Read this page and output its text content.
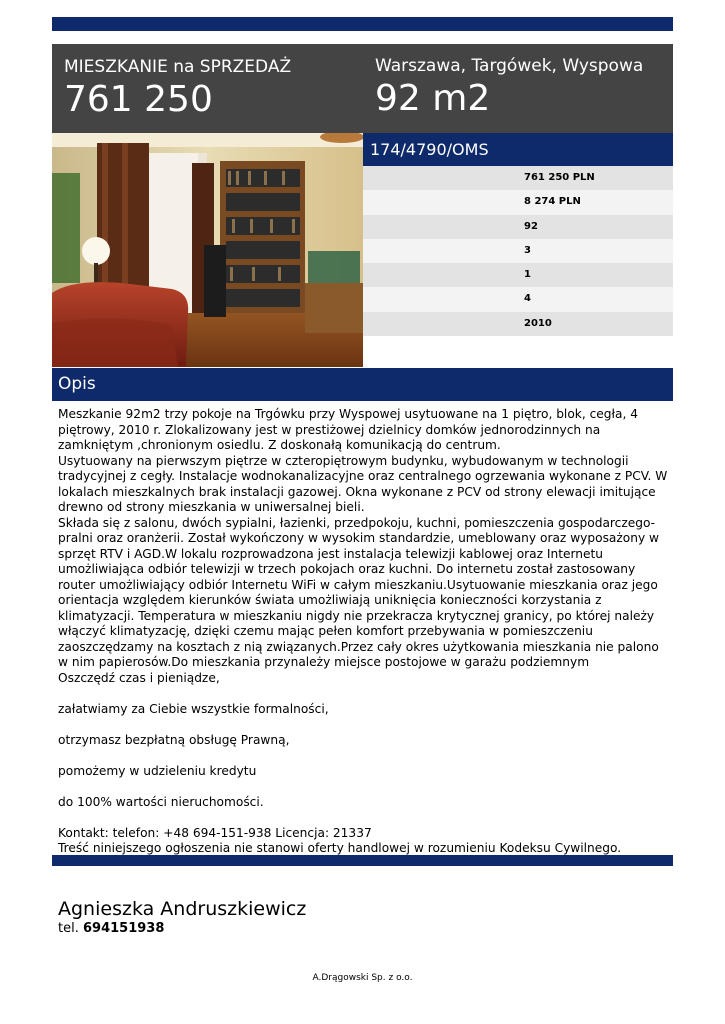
MIESZKANIE na SPRZEDAŻ
761 250
Warszawa, Targówek, Wyspowa
92 m2
174/4790/OMS
761 250 PLN
8 274 PLN
92
3
1
4
2010
Opis

Meszkanie 92m2 trzy pokoje na Trgówku przy Wyspowej usytuowane na 1 piętro, blok, cegła, 4 piętrowy, 2010 r. Zlokalizowany jest w prestiżowej dzielnicy domków jednorodzinnych na zamkniętym ,chronionym osiedlu. Z doskonałą komunikacją do centrum.

Usytuowany na pierwszym piętrze w czteropiętrowym budynku, wybudowanym w technologii tradycyjnej z cegły. Instalacje wodnokanalizacyjne oraz centralnego ogrzewania wykonane z PCV. W lokalach mieszkalnych brak instalacji gazowej. Okna wykonane z PCV od strony elewacji imitujące drewno od strony mieszkania w uniwersalnej bieli.

Składa się z salonu, dwóch sypialni, łazienki, przedpokoju, kuchni, pomieszczenia gospodarczego-pralni oraz oranżerii. Został wykończony w wysokim standardzie, umeblowany oraz wyposażony w sprzęt RTV i AGD.W lokalu rozprowadzona jest instalacja telewizji kablowej oraz Internetu umożliwiająca odbiór telewizji w trzech pokojach oraz kuchni. Do internetu został zastosowany router umożliwiający odbiór Internetu WiFi w całym mieszkaniu.Usytuowanie mieszkania oraz jego orientacja względem kierunków świata umożliwiają uniknięcia konieczności korzystania z klimatyzacji. Temperatura w mieszkaniu nigdy nie przekracza krytycznej granicy, po której należy włączyć klimatyzację, dzięki czemu mając pełen komfort przebywania w pomieszczeniu zaoszczędzamy na kosztach z nią związanych.Przez cały okres użytkowania mieszkania nie palono w nim papierosów.Do mieszkania przynależy miejsce postojowe w garażu podziemnym

Oszczędź czas i pieniądze,

załatwiamy za Ciebie wszystkie formalności,

otrzymasz bezpłatną obsługę Prawną,

pomożemy w udzieleniu kredytu

do 100% wartości nieruchomości.

Kontakt: telefon: +48 694-151-938 Licencja: 21337

Treść niniejszego ogłoszenia nie stanowi oferty handlowej w rozumieniu Kodeksu Cywilnego.

Agnieszka Andruszkiewicz
tel. 694151938
A.Drągowski Sp. z o.o.
